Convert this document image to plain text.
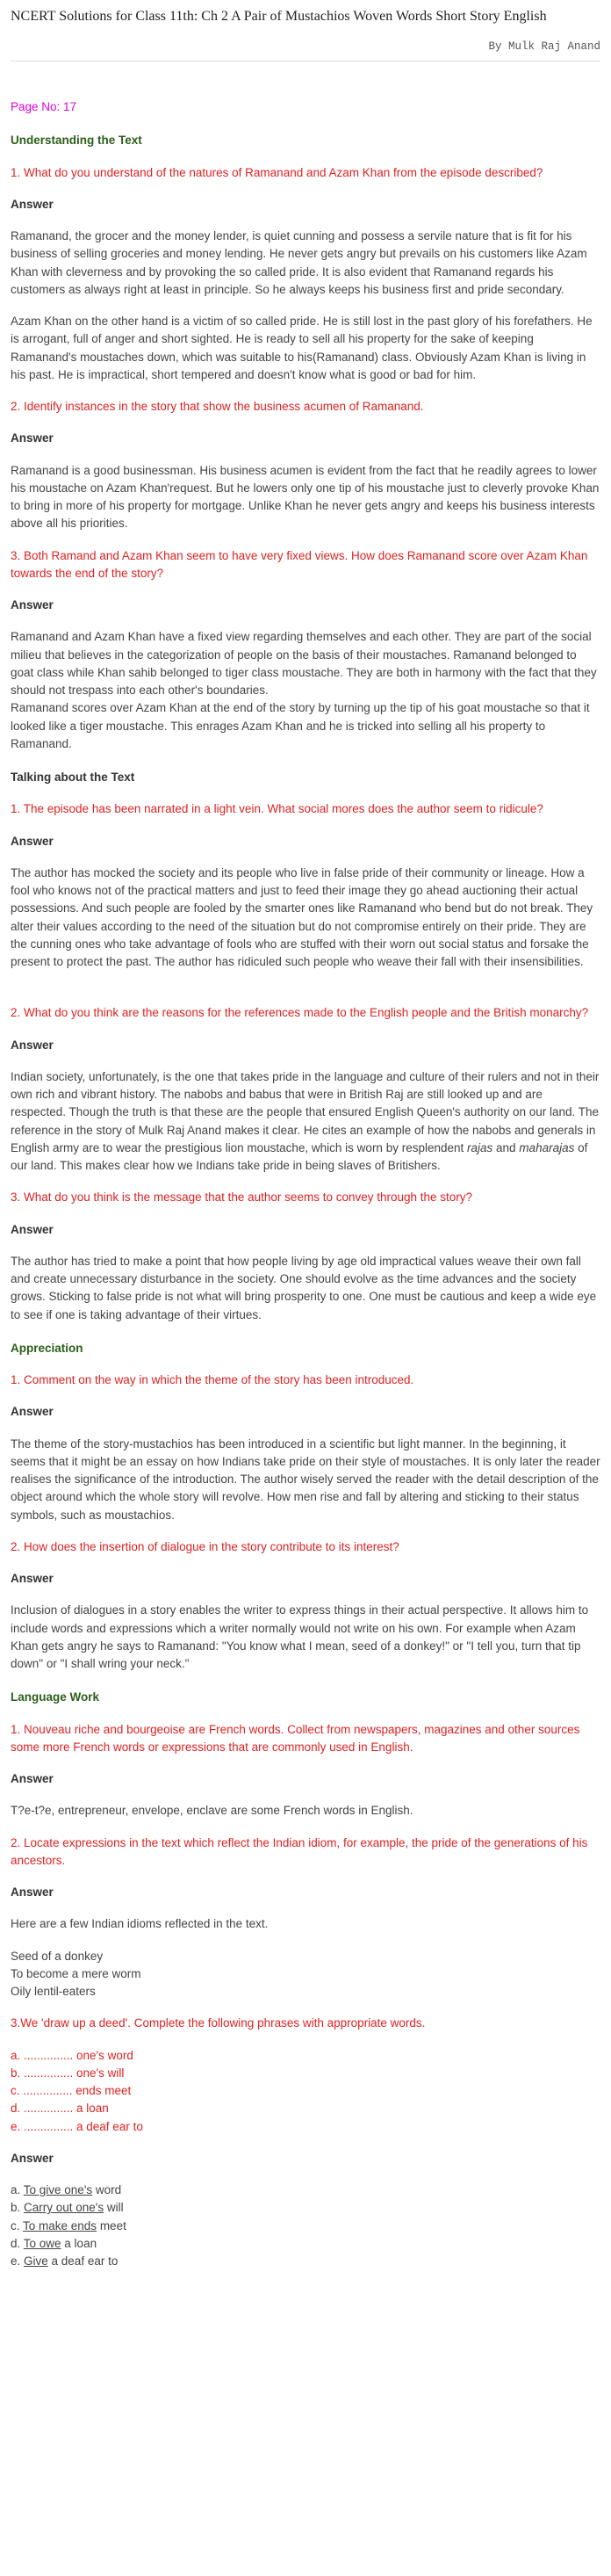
NCERT Solutions for Class 11th: Ch 2 A Pair of Mustachios Woven Words Short Story English
By Mulk Raj Anand
Page No: 17
Understanding the Text
1. What do you understand of the natures of Ramanand and Azam Khan from the episode described?
Answer
Ramanand, the grocer and the money lender, is quiet cunning and possess a servile nature that is fit for his business of selling groceries and money lending. He never gets angry but prevails on his customers like Azam Khan with cleverness and by provoking the so called pride. It is also evident that Ramanand regards his customers as always right at least in principle. So he always keeps his business first and pride secondary.
Azam Khan on the other hand is a victim of so called pride. He is still lost in the past glory of his forefathers. He is arrogant, full of anger and short sighted. He is ready to sell all his property for the sake of keeping Ramanand's moustaches down, which was suitable to his(Ramanand) class. Obviously Azam Khan is living in his past. He is impractical, short tempered and doesn't know what is good or bad for him.
2. Identify instances in the story that show the business acumen of Ramanand.
Answer
Ramanand is a good businessman. His business acumen is evident from the fact that he readily agrees to lower his moustache on Azam Khan'request. But he lowers only one tip of his moustache just to cleverly provoke Khan to bring in more of his property for mortgage. Unlike Khan he never gets angry and keeps his business interests above all his priorities.
3. Both Ramand and Azam Khan seem to have very fixed views. How does Ramanand score over Azam Khan towards the end of the story?
Answer
Ramanand and Azam Khan have a fixed view regarding themselves and each other. They are part of the social milieu that believes in the categorization of people on the basis of their moustaches. Ramanand belonged to goat class while Khan sahib belonged to tiger class moustache. They are both in harmony with the fact that they should not trespass into each other's boundaries.
Ramanand scores over Azam Khan at the end of the story by turning up the tip of his goat moustache so that it looked like a tiger moustache. This enrages Azam Khan and he is tricked into selling all his property to Ramanand.
Talking about the Text
1. The episode has been narrated in a light vein. What social mores does the author seem to ridicule?
Answer
The author has mocked the society and its people who live in false pride of their community or lineage. How a fool who knows not of the practical matters and just to feed their image they go ahead auctioning their actual possessions. And such people are fooled by the smarter ones like Ramanand who bend but do not break. They alter their values according to the need of the situation but do not compromise entirely on their pride. They are the cunning ones who take advantage of fools who are stuffed with their worn out social status and forsake the present to protect the past. The author has ridiculed such people who weave their fall with their insensibilities.
2. What do you think are the reasons for the references made to the English people and the British monarchy?
Answer
Indian society, unfortunately, is the one that takes pride in the language and culture of their rulers and not in their own rich and vibrant history. The nabobs and babus that were in British Raj are still looked up and are respected. Though the truth is that these are the people that ensured English Queen's authority on our land. The reference in the story of Mulk Raj Anand makes it clear. He cites an example of how the nabobs and generals in English army are to wear the prestigious lion moustache, which is worn by resplendent rajas and maharajas of our land. This makes clear how we Indians take pride in being slaves of Britishers.
3. What do you think is the message that the author seems to convey through the story?
Answer
The author has tried to make a point that how people living by age old impractical values weave their own fall and create unnecessary disturbance in the society. One should evolve as the time advances and the society grows. Sticking to false pride is not what will bring prosperity to one. One must be cautious and keep a wide eye to see if one is taking advantage of their virtues.
Appreciation
1. Comment on the way in which the theme of the story has been introduced.
Answer
The theme of the story-mustachios has been introduced in a scientific but light manner. In the beginning, it seems that it might be an essay on how Indians take pride on their style of moustaches. It is only later the reader realises the significance of the introduction. The author wisely served the reader with the detail description of the object around which the whole story will revolve. How men rise and fall by altering and sticking to their status symbols, such as moustachios.
2. How does the insertion of dialogue in the story contribute to its interest?
Answer
Inclusion of dialogues in a story enables the writer to express things in their actual perspective. It allows him to include words and expressions which a writer normally would not write on his own. For example when Azam Khan gets angry he says to Ramanand: "You know what I mean, seed of a donkey!" or "I tell you, turn that tip down" or "I shall wring your neck."
Language Work
1. Nouveau riche and bourgeoise are French words. Collect from newspapers, magazines and other sources some more French words or expressions that are commonly used in English.
Answer
T?e-t?e, entrepreneur, envelope, enclave are some French words in English.
2. Locate expressions in the text which reflect the Indian idiom, for example, the pride of the generations of his ancestors.
Answer
Here are a few Indian idioms reflected in the text.
Seed of a donkey
To become a mere worm
Oily lentil-eaters
3.We 'draw up a deed'. Complete the following phrases with appropriate words.
a. ............... one's word
b. ............... one's will
c. ............... ends meet
d. ............... a loan
e. ............... a deaf ear to
Answer
a. To give one's word
b. Carry out one's will
c. To make ends meet
d. To owe a loan
e. Give a deaf ear to
